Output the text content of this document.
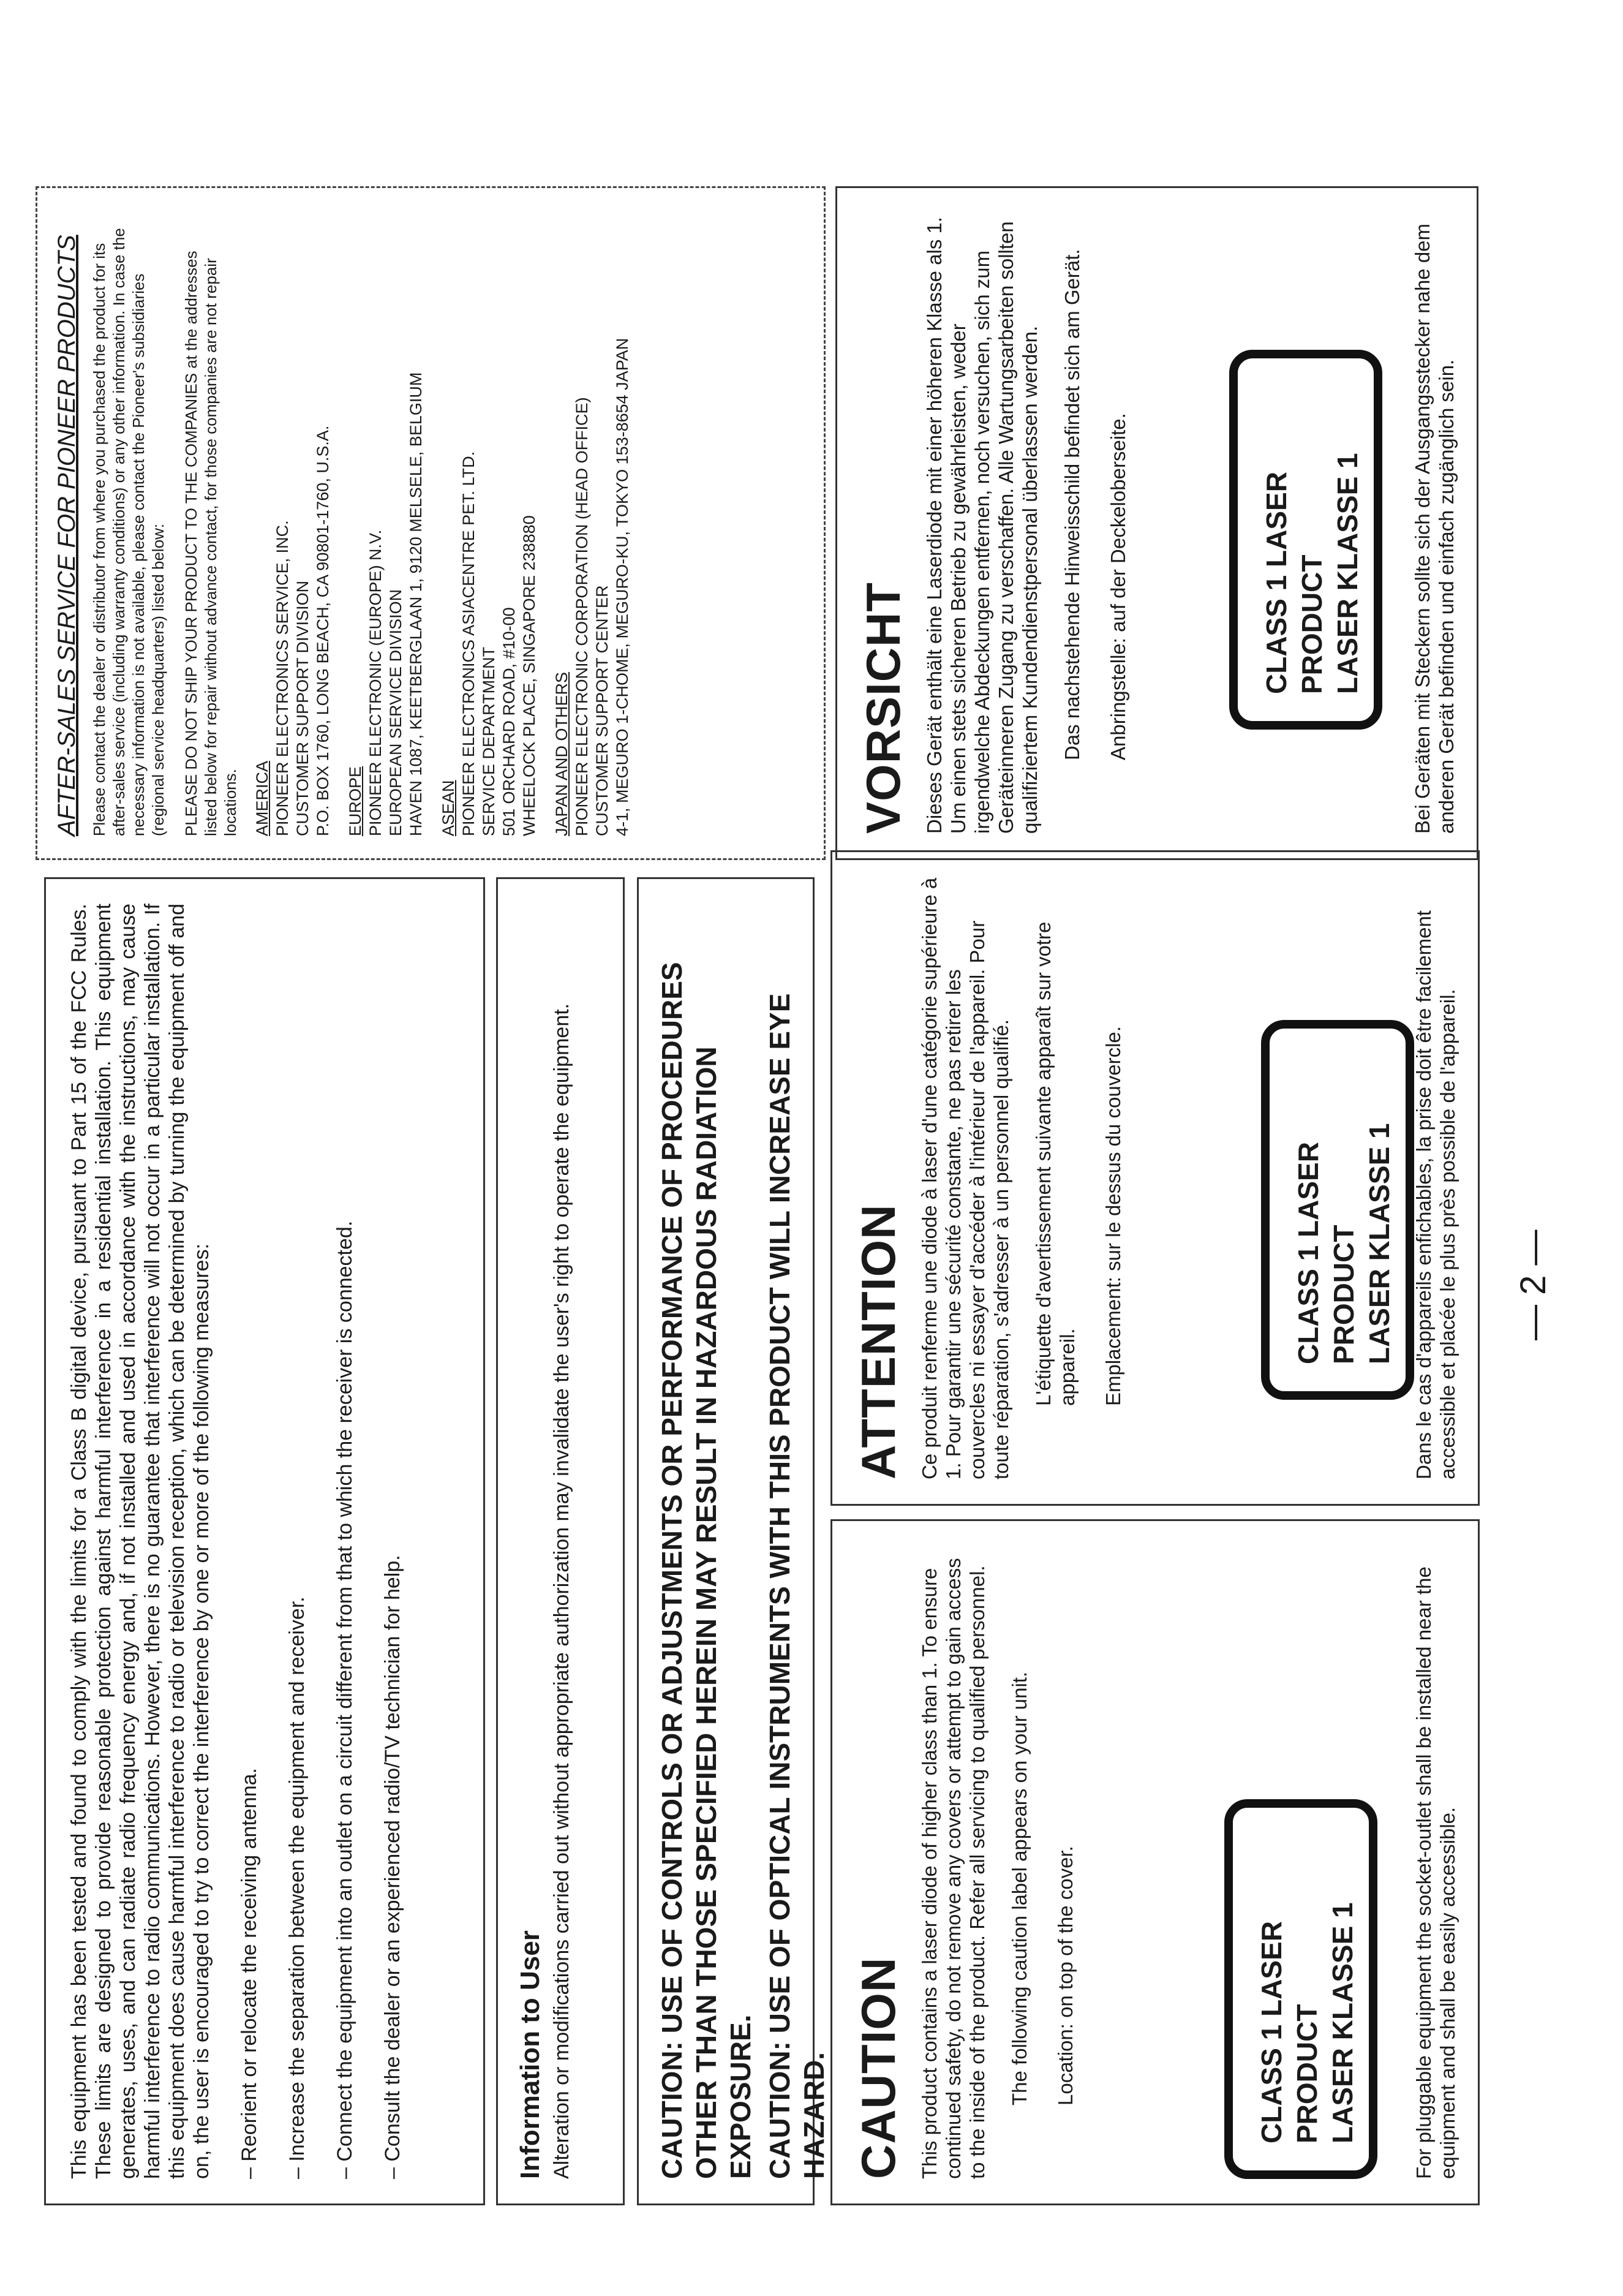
This equipment has been tested and found to comply with the limits for a Class B digital device, pursuant to Part 15 of the FCC Rules. These limits are designed to provide reasonable protection against harmful interference in a residential installation. This equipment generates, uses, and can radiate radio frequency energy and, if not installed and used in accordance with the instructions, may cause harmful interference to radio communications. However, there is no guarantee that interference will not occur in a particular installation. If this equipment does cause harmful interference to radio or television reception, which can be determined by turning the equipment off and on, the user is encouraged to try to correct the interference by one or more of the following measures: – Reorient or relocate the receiving antenna. – Increase the separation between the equipment and receiver. – Connect the equipment into an outlet on a circuit different from that to which the receiver is connected. – Consult the dealer or an experienced radio/TV technician for help.	Information to User Alteration or modifications carried out without appropriate authorization may invalidate the user's right to operate the equipment.	CAUTION: USE OF CONTROLS OR ADJUSTMENTS OR PERFORMANCE OF PROCEDURES OTHER THAN THOSE SPECIFIED HEREIN MAY RESULT IN HAZARDOUS RADIATION EXPOSURE. CAUTION: USE OF OPTICAL INSTRUMENTS WITH THIS PRODUCT WILL INCREASE EYE HAZARD. CAUTION This product contains a laser diode of higher class than 1. To ensure continued safety, do not remove any covers or attempt to gain access to the inside of the product. Refer all servicing to qualified personnel. The following caution label appears on your unit. Location: on top of the cover.	CLASS 1 LASER PRODUCT LASER KLASSE 1	For pluggable equipment the socket-outlet shall be installed near the equipment and shall be easily accessible.

ATTENTION Ce produit renferme une diode à laser d'une catégorie supérieure à 1. Pour garantir une sécurité constante, ne pas retirer les couvercles ni essayer d'accéder à l'intérieur de l'appareil. Pour toute réparation, s'adresser à un personnel qualifié. L'étiquette d'avertissement suivante apparaît sur votre appareil. Emplacement: sur le dessus du couvercle.	CLASS 1 LASER PRODUCT LASER KLASSE 1 Dans le cas d'appareils enfichables, la prise doit être facilement accessible et placée le plus près possible de l'appareil.

AFTER-SALES SERVICE FOR PIONEER PRODUCTS Please contact the dealer or distributor from where you purchased the product for its after-sales service (including warranty conditions) or any other information. In case the necessary information is not available, please contact the Pioneer's subsidiaries (regional service headquarters) listed below: PLEASE DO NOT SHIP YOUR PRODUCT TO THE COMPANIES at the addresses listed below for repair without advance contact, for those companies are not repair locations. AMERICA PIONEER ELECTRONICS SERVICE, INC. CUSTOMER SUPPORT DIVISION P.O. BOX 1760, LONG BEACH, CA 90801-1760, U.S.A. EUROPE PIONEER ELECTRONIC (EUROPE) N.V. EUROPEAN SERVICE DIVISION HAVEN 1087, KEETBERGLAAN 1, 9120 MELSELE, BELGIUM ASEAN PIONEER ELECTRONICS ASIACENTRE PET. LTD. SERVICE DEPARTMENT 501 ORCHARD ROAD, #10-00 WHEELOCK PLACE, SINGAPORE 238880 JAPAN AND OTHERS PIONEER ELECTRONIC CORPORATION (HEAD OFFICE) CUSTOMER SUPPORT CENTER 4-1, MEGURO 1-CHOME, MEGURO-KU, TOKYO 153-8654 JAPAN	VORSICHT Dieses Gerät enthält eine Laserdiode mit einer höheren Klasse als 1. Um einen stets sicheren Betrieb zu gewährleisten, weder irgendwelche Abdeckungen entfernen, noch versuchen, sich zum Geräteinneren Zugang zu verschaffen. Alle Wartungsarbeiten sollten qualifiziertem Kundendienstpersonal überlassen werden. Das nachstehende Hinweisschild befindet sich am Gerät. Anbringstelle: auf der Deckeloberseite.	CLASS 1 LASER PRODUCT LASER KLASSE 1 Bei Geräten mit Steckern sollte sich der Ausgangsstecker nahe dem anderen Gerät befinden und einfach zugänglich sein.

— 2 —
